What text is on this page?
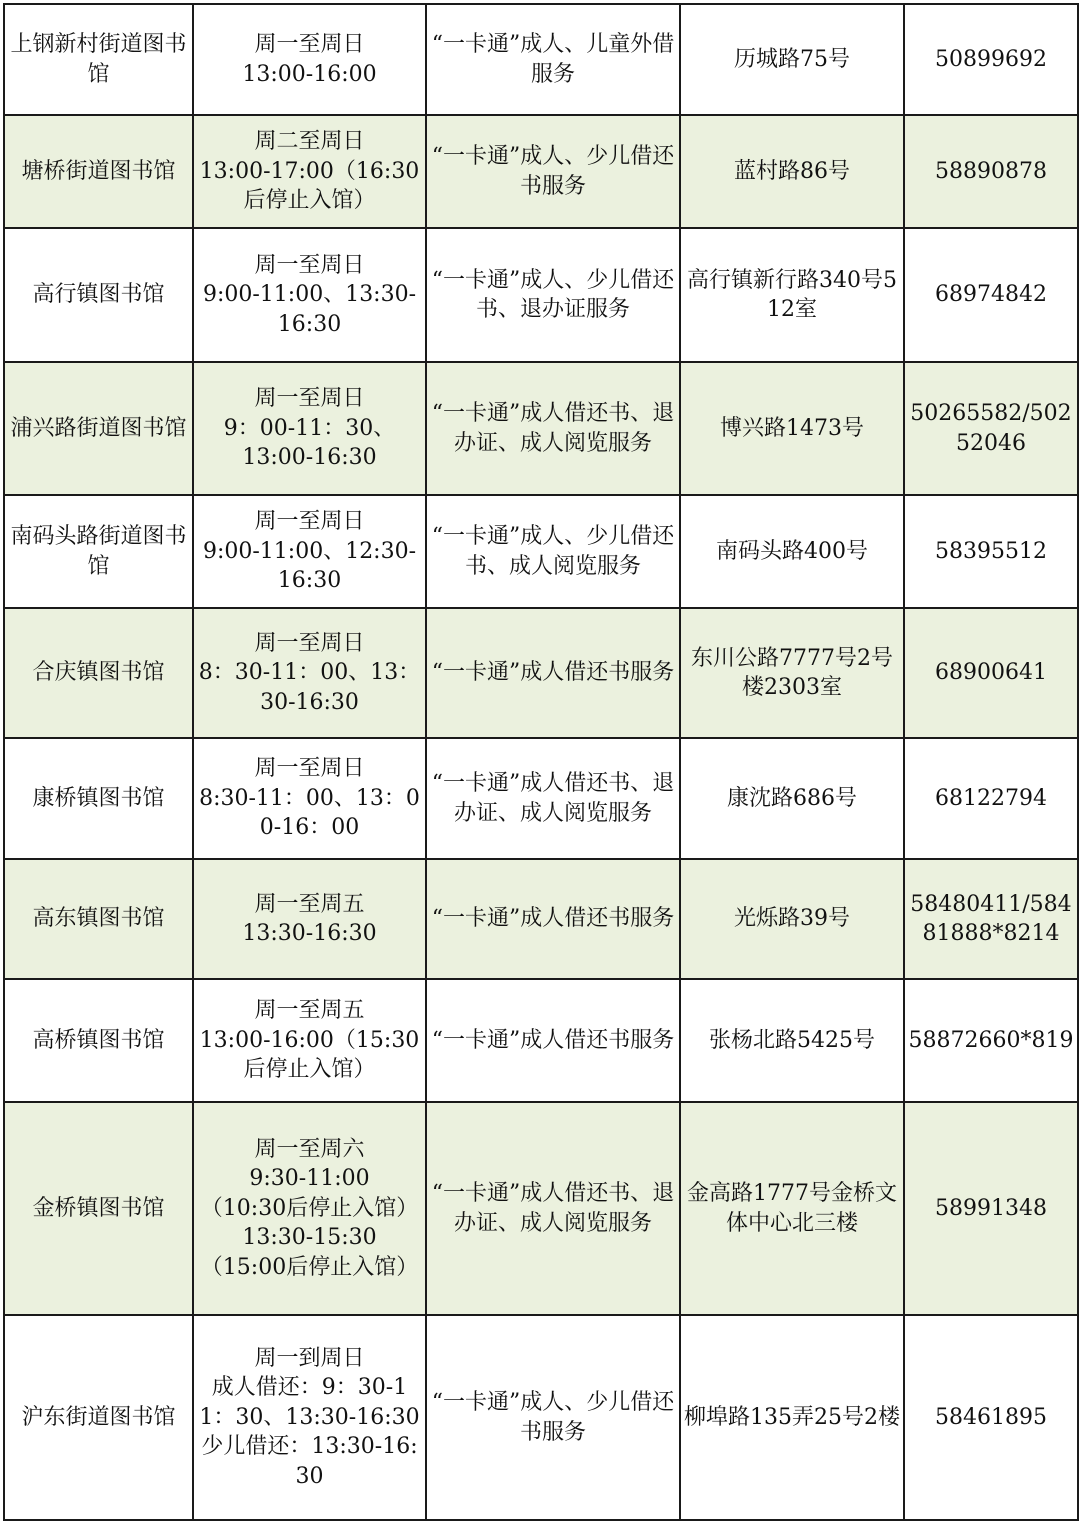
上钢新村街道图书馆	周一至周日
13:00-16:00	“一卡通”成人、儿童外借服务	历城路75号	50899692
塘桥街道图书馆	周二至周日
13:00-17:00（16:30后停止入馆）	“一卡通”成人、少儿借还书服务	蓝村路86号	58890878
高行镇图书馆	周一至周日
9:00-11:00、13:30-16:30	“一卡通”成人、少儿借还书、退办证服务	高行镇新行路340号512室	68974842
浦兴路街道图书馆	周一至周日
9：00-11：30、
13:00-16:30	“一卡通”成人借还书、退办证、成人阅览服务	博兴路1473号	50265582/50252046
南码头路街道图书馆	周一至周日
9:00-11:00、12:30-16:30	“一卡通”成人、少儿借还书、成人阅览服务	南码头路400号	58395512
合庆镇图书馆	周一至周日
8：30-11：00、13：30-16:30	“一卡通”成人借还书服务	东川公路7777号2号楼2303室	68900641
康桥镇图书馆	周一至周日
8:30-11：00、13：00-16：00	“一卡通”成人借还书、退办证、成人阅览服务	康沈路686号	68122794
高东镇图书馆	周一至周五
13:30-16:30	“一卡通”成人借还书服务	光烁路39号	58480411/58481888*8214
高桥镇图书馆	周一至周五
13:00-16:00（15:30后停止入馆）	“一卡通”成人借还书服务	张杨北路5425号	58872660*819
金桥镇图书馆	周一至周六
9:30-11:00
（10:30后停止入馆）
13:30-15:30
（15:00后停止入馆）	“一卡通”成人借还书、退办证、成人阅览服务	金高路1777号金桥文体中心北三楼	58991348
沪东街道图书馆	周一到周日
成人借还：9：30-11：30、13:30-16:30
少儿借还：13:30-16:30	“一卡通”成人、少儿借还书服务	柳埠路135弄25号2楼	58461895
